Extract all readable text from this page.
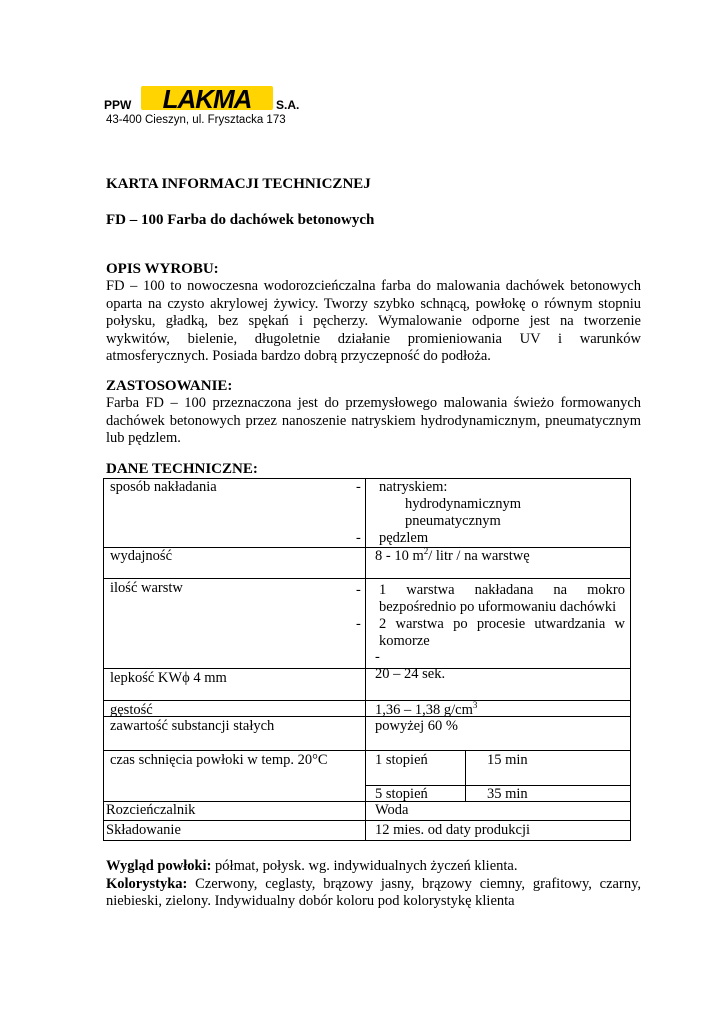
PPW	LAKMA	S.A.
43-400 Cieszyn, ul. Frysztacka 173
KARTA INFORMACJI TECHNICZNEJ
FD – 100 Farba do dachówek betonowych
OPIS WYROBU:
FD – 100 to nowoczesna wodorozcieńczalna farba do malowania dachówek betonowych
oparta na czysto akrylowej żywicy. Tworzy szybko schnącą, powłokę o równym stopniu
połysku, gładką, bez spękań i pęcherzy. Wymalowanie odporne jest na tworzenie
wykwitów, bielenie, długoletnie działanie promieniowania UV i warunków
atmosferycznych. Posiada bardzo dobrą przyczepność do podłoża.
ZASTOSOWANIE:
Farba FD – 100 przeznaczona jest do przemysłowego malowania świeżo formowanych
dachówek betonowych przez nanoszenie natryskiem hydrodynamicznym, pneumatycznym
lub pędzlem.
DANE TECHNICZNE:
sposób nakładania	- natryskiem:
hydrodynamicznym
pneumatycznym
- pędzlem
wydajność	8 - 10 $m^2/$ litr / na warstwę
ilość warstw	- 1 warstwa nakładana na mokro
bezpośrednio po uformowaniu dachówki
- 2 warstwa po procesie utwardzania w
komorze
-
lepkość KWϕ 4 mm	20 – 24 sek.
gęstość	1,36 – 1,38 $g/cm^3$
zawartość substancji stałych	powyżej 60 %
czas schnięcia powłoki w temp. 20°C	1 stopień	15 min
5 stopień	35 min
Rozcieńczalnik	Woda
Składowanie	12 mies. od daty produkcji
Wygląd powłoki: półmat, połysk. wg. indywidualnych życzeń klienta.
Kolorystyka: Czerwony, ceglasty, brązowy jasny, brązowy ciemny, grafitowy, czarny,
niebieski, zielony. Indywidualny dobór koloru pod kolorystykę klienta
